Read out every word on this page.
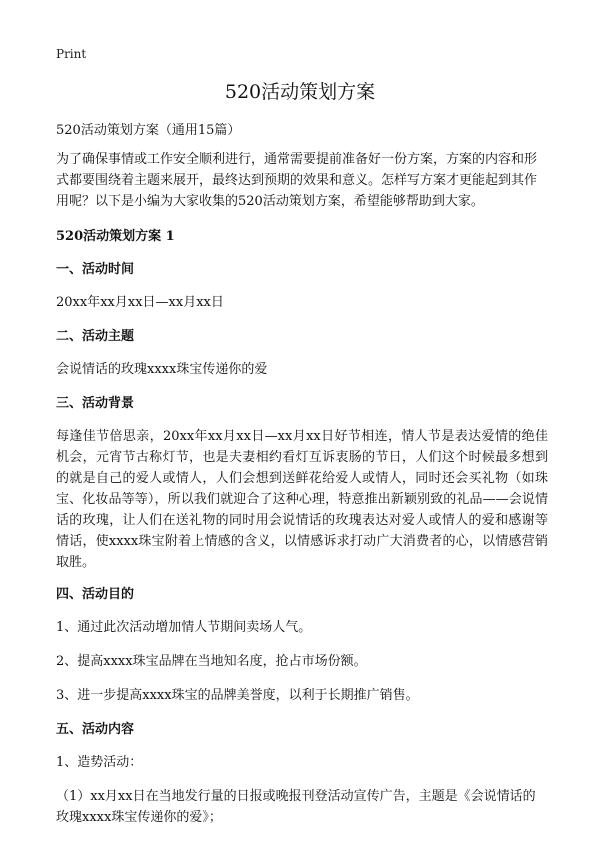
Print
520活动策划方案

520活动策划方案（通用15篇）

为了确保事情或工作安全顺利进行，通常需要提前准备好一份方案，方案的内容和形式都要围绕着主题来展开，最终达到预期的效果和意义。怎样写方案才更能起到其作用呢？以下是小编为大家收集的520活动策划方案，希望能够帮助到大家。

520活动策划方案 1
一、活动时间

20xx年xx月xx日—xx月xx日

二、活动主题

会说情话的玫瑰xxxx珠宝传递你的爱

三、活动背景

每逢佳节倍思亲，20xx年xx月xx日—xx月xx日好节相连，情人节是表达爱情的绝佳机会，元宵节古称灯节，也是夫妻相约看灯互诉衷肠的节日，人们这个时候最多想到的就是自己的爱人或情人，人们会想到送鲜花给爱人或情人，同时还会买礼物（如珠宝、化妆品等等），所以我们就迎合了这种心理，特意推出新颖别致的礼品——会说情话的玫瑰，让人们在送礼物的同时用会说情话的玫瑰表达对爱人或情人的爱和感谢等情话，使xxxx珠宝附着上情感的含义，以情感诉求打动广大消费者的心，以情感营销取胜。

四、活动目的

1、通过此次活动增加情人节期间卖场人气。

2、提高xxxx珠宝品牌在当地知名度，抢占市场份额。

3、进一步提高xxxx珠宝的品牌美誉度，以利于长期推广销售。

五、活动内容

1、造势活动：

（1）xx月xx日在当地发行量的日报或晚报刊登活动宣传广告，主题是《会说情话的玫瑰xxxx珠宝传递你的爱》；
